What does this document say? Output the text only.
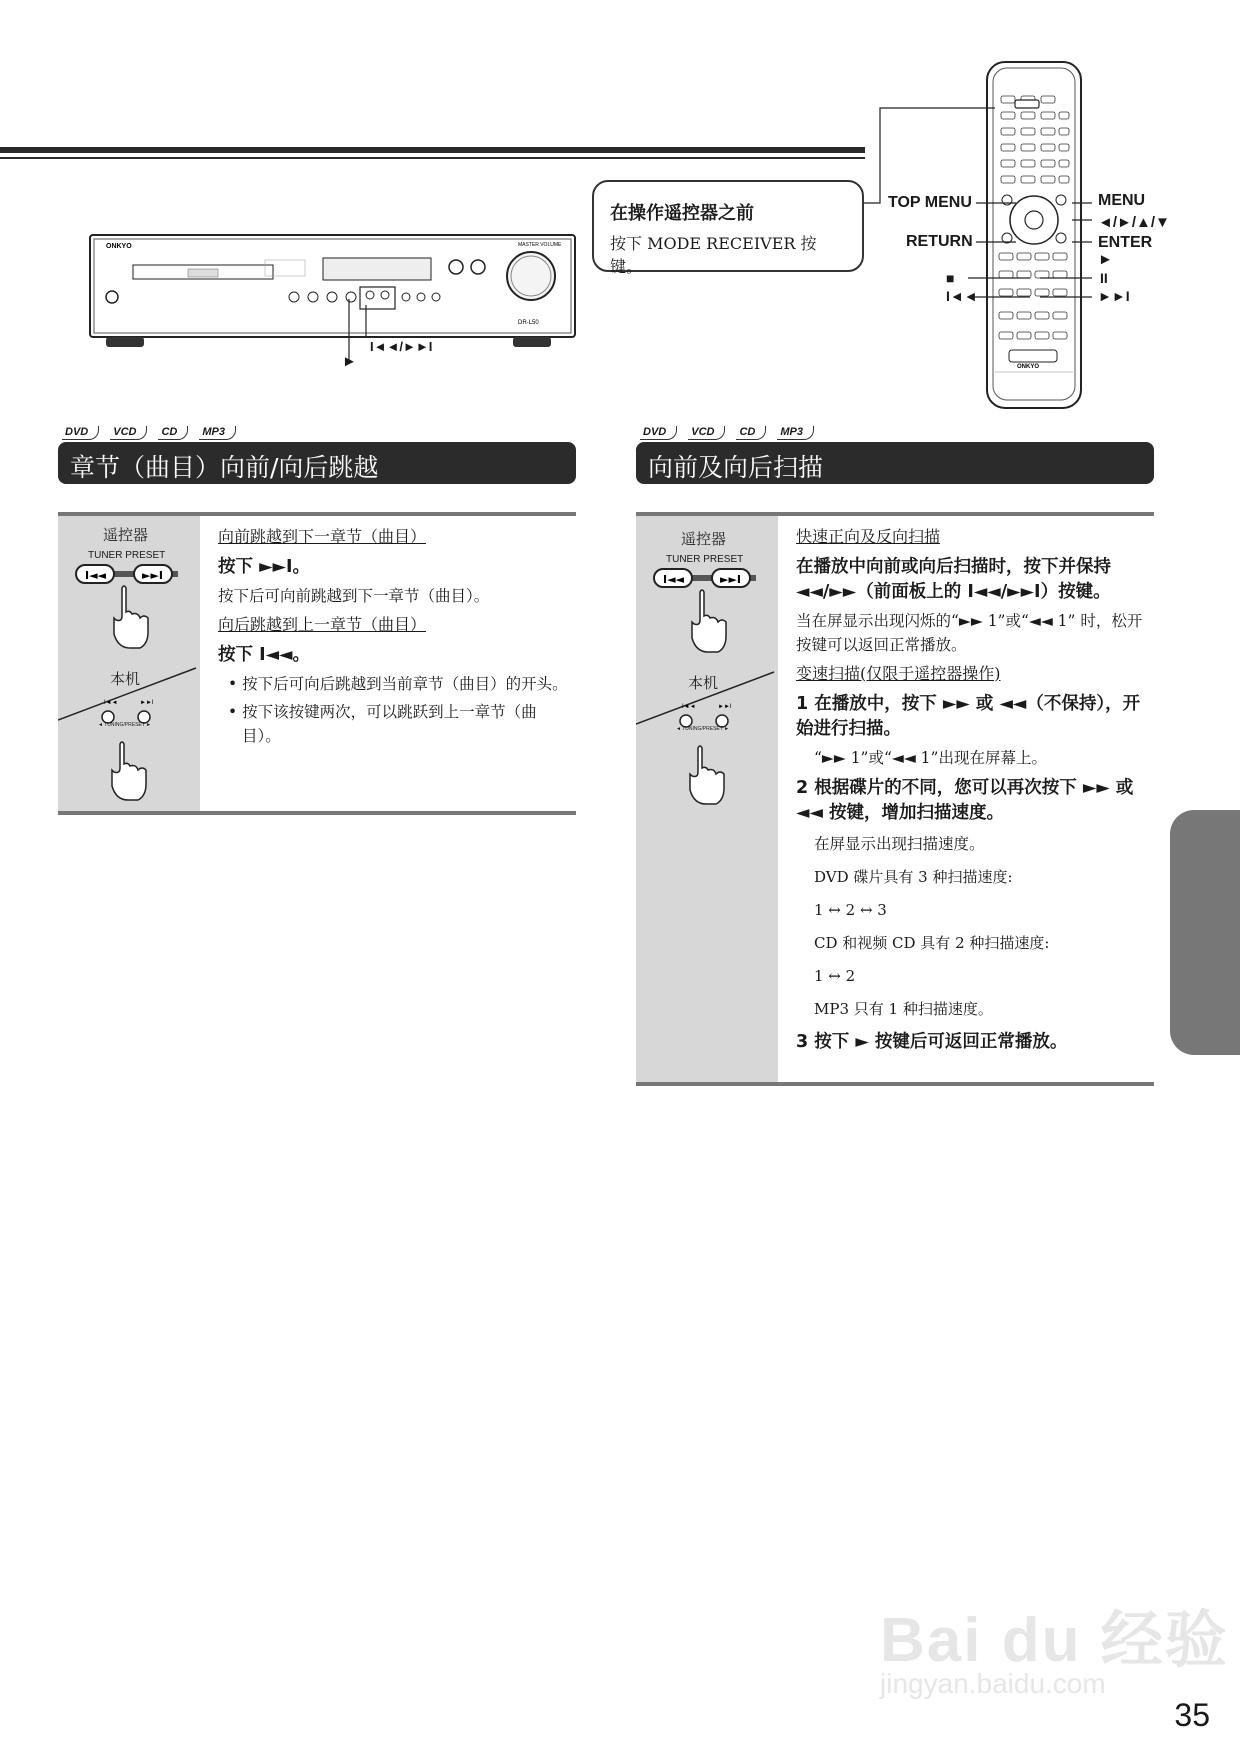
在操作遥控器之前
按下 MODE RECEIVER 按键。
ONKYO	MASTER VOLUME
DR-L50
I◄◄/►►I
►	ONKYO
TOP MENU
RETURN
MENU
◄/►/▲/▼
ENTER
►
■	II
I◄◄	►►I
DVD VCD CD MP3
章节（曲目）向前/向后跳越
遥控器
TUNER PRESET
I◄◄	►►I
I◄◄	►►I
本机
◄ TUNING/PRESET ►
向前跳越到下一章节（曲目）
按下 ►►I。
按下后可向前跳越到下一章节（曲目）。
向后跳越到上一章节（曲目）
按下 I◄◄。
• 按下后可向后跳越到当前章节（曲目）的开头。
• 按下该按键两次，可以跳跃到上一章节（曲目）。
DVD VCD CD MP3
向前及向后扫描
遥控器
TUNER PRESET
I◄◄	►►I
I◄◄	►►I
本机
◄ TUNING/PRESET ►
快速正向及反向扫描
在播放中向前或向后扫描时，按下并保持 ◄◄/►►（前面板上的 I◄◄/►►I）按键。
当在屏显示出现闪烁的“►► 1”或“◄◄ 1” 时，松开按键可以返回正常播放。
变速扫描(仅限于遥控器操作)
1 在播放中，按下 ►► 或 ◄◄（不保持），开始进行扫描。
“►► 1”或“◄◄ 1”出现在屏幕上。
2 根据碟片的不同，您可以再次按下 ►► 或 ◄◄ 按键，增加扫描速度。
在屏显示出现扫描速度。
DVD 碟片具有 3 种扫描速度:
1 ↔ 2 ↔ 3
CD 和视频 CD 具有 2 种扫描速度:
1 ↔ 2
MP3 只有 1 种扫描速度。
3 按下 ► 按键后可返回正常播放。
Bai du 经验
jingyan.baidu.com
35
